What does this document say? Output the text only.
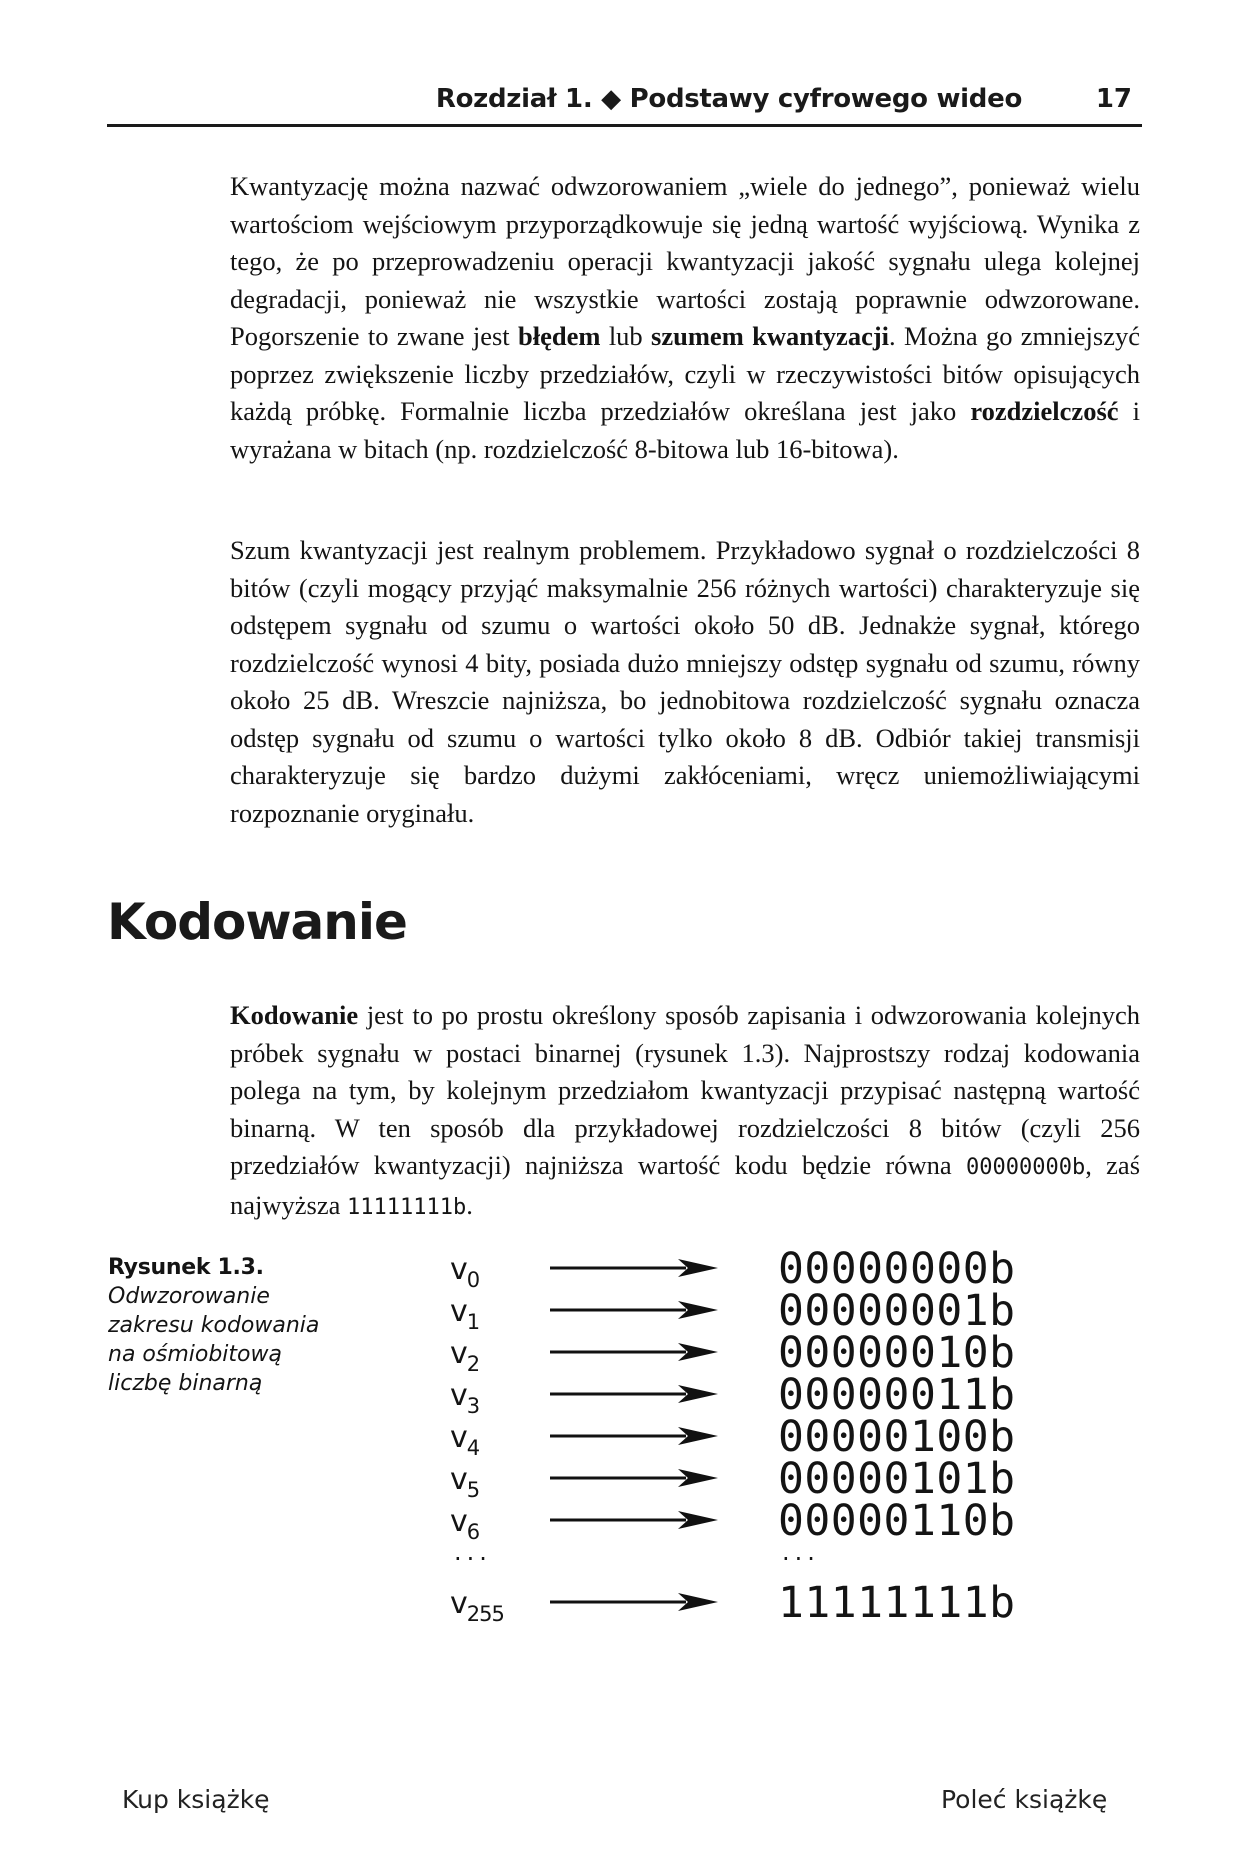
Rozdział 1. ◆ Podstawy cyfrowego wideo	17

Kwantyzację można nazwać odwzorowaniem „wiele do jednego”, ponieważ wielu wartościom wejściowym przyporządkowuje się jedną wartość wyjściową. Wynika z tego, że po przeprowadzeniu operacji kwantyzacji jakość sygnału ulega kolejnej degradacji, ponieważ nie wszystkie wartości zostają poprawnie odwzorowane. Pogorszenie to zwane jest błędem lub szumem kwantyzacji. Można go zmniejszyć poprzez zwiększenie liczby przedziałów, czyli w rzeczywistości bitów opisujących każdą próbkę. Formalnie liczba przedziałów określana jest jako rozdzielczość i wyrażana w bitach (np. rozdzielczość 8-bitowa lub 16-bitowa).

Szum kwantyzacji jest realnym problemem. Przykładowo sygnał o rozdzielczości 8 bitów (czyli mogący przyjąć maksymalnie 256 różnych wartości) charakteryzuje się odstępem sygnału od szumu o wartości około 50 dB. Jednakże sygnał, którego rozdzielczość wynosi 4 bity, posiada dużo mniejszy odstęp sygnału od szumu, równy około 25 dB. Wreszcie najniższa, bo jednobitowa rozdzielczość sygnału oznacza odstęp sygnału od szumu o wartości tylko około 8 dB. Odbiór takiej transmisji charakteryzuje się bardzo dużymi zakłóceniami, wręcz uniemożliwiającymi rozpoznanie oryginału.

Kodowanie

Kodowanie jest to po prostu określony sposób zapisania i odwzorowania kolejnych próbek sygnału w postaci binarnej (rysunek 1.3). Najprostszy rodzaj kodowania polega na tym, by kolejnym przedziałom kwantyzacji przypisać następną wartość binarną. W ten sposób dla przykładowej rozdzielczości 8 bitów (czyli 256 przedziałów kwantyzacji) najniższa wartość kodu będzie równa 00000000b, zaś najwyższa 11111111b.

Rysunek 1.3.
Odwzorowanie zakresu kodowania na ośmiobitową liczbę binarną
$v_0$	00000000b
$v_1$	00000001b
$v_2$	00000010b
$v_3$	00000011b
$v_4$	00000100b
$v_5$	00000101b
$v_6$	00000110b
...	...
$v_{255}$	11111111b
Kup książkę	Poleć książkę
